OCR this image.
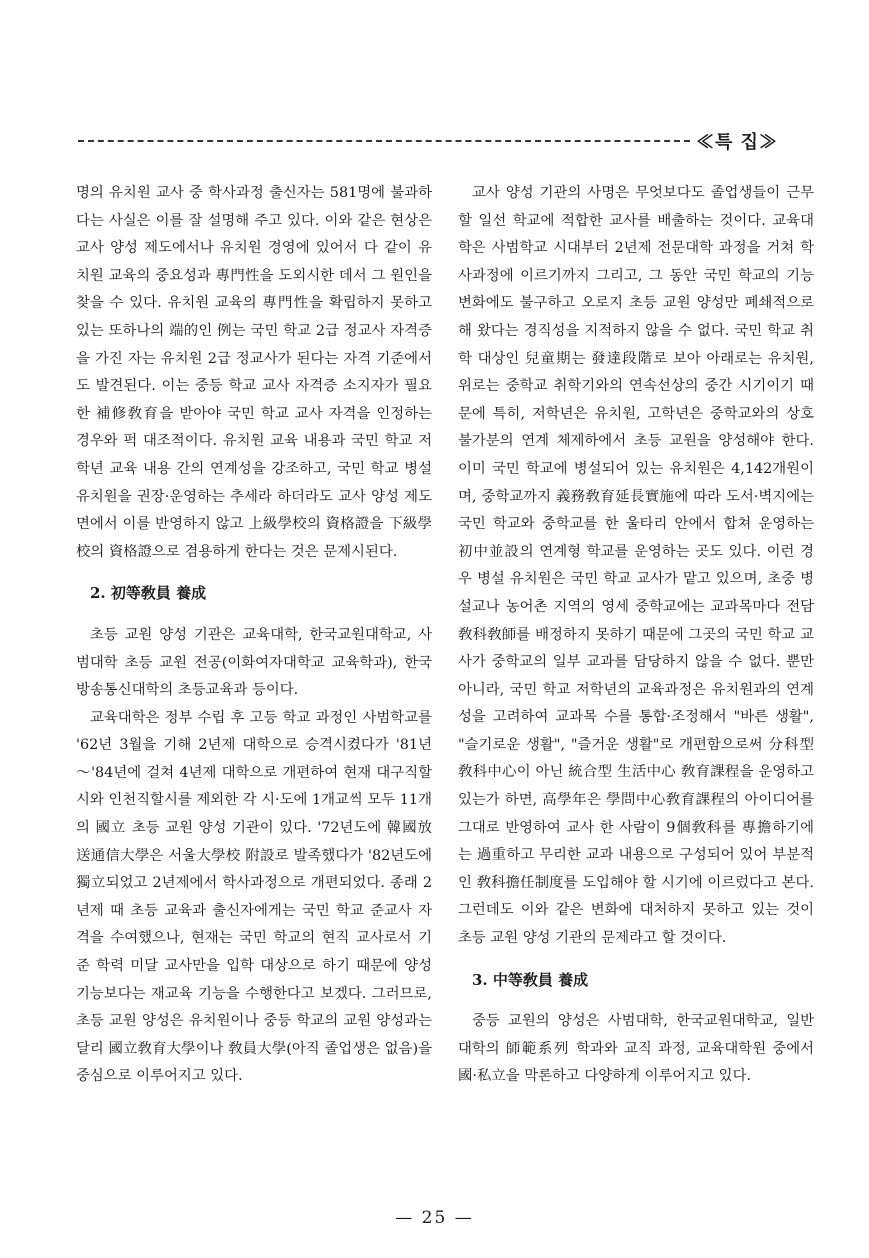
≪특 집≫

명의 유치원 교사 중 학사과정 출신자는 581명에 불과하다는 사실은 이를 잘 설명해 주고 있다. 이와 같은 현상은 교사 양성 제도에서나 유치원 경영에 있어서 다 같이 유치원 교육의 중요성과 專門性을 도외시한 데서 그 원인을 찾을 수 있다. 유치원 교육의 專門性을 확립하지 못하고 있는 또하나의 端的인 例는 국민 학교 2급 정교사 자격증을 가진 자는 유치원 2급 정교사가 된다는 자격 기준에서도 발견된다. 이는 중등 학교 교사 자격증 소지자가 필요한 補修敎育을 받아야 국민 학교 교사 자격을 인정하는 경우와 퍽 대조적이다. 유치원 교육 내용과 국민 학교 저학년 교육 내용 간의 연계성을 강조하고, 국민 학교 병설 유치원을 권장·운영하는 추세라 하더라도 교사 양성 제도면에서 이를 반영하지 않고 上級學校의 資格證을 下級學校의 資格證으로 겸용하게 한다는 것은 문제시된다.

2. 初等敎員 養成

초등 교원 양성 기관은 교육대학, 한국교원대학교, 사범대학 초등 교원 전공(이화여자대학교 교육학과), 한국방송통신대학의 초등교육과 등이다.

교육대학은 정부 수립 후 고등 학교 과정인 사범학교를 '62년 3월을 기해 2년제 대학으로 승격시켰다가 '81년～'84년에 걸쳐 4년제 대학으로 개편하여 현재 대구직할시와 인천직할시를 제외한 각 시·도에 1개교씩 모두 11개의 國立 초등 교원 양성 기관이 있다. '72년도에 韓國放送通信大學은 서울大學校 附設로 발족했다가 '82년도에 獨立되었고 2년제에서 학사과정으로 개편되었다. 종래 2년제 때 초등 교육과 출신자에게는 국민 학교 준교사 자격을 수여했으나, 현재는 국민 학교의 현직 교사로서 기준 학력 미달 교사만을 입학 대상으로 하기 때문에 양성 기능보다는 재교육 기능을 수행한다고 보겠다. 그러므로, 초등 교원 양성은 유치원이나 중등 학교의 교원 양성과는 달리 國立敎育大學이나 敎員大學(아직 졸업생은 없음)을 중심으로 이루어지고 있다.

교사 양성 기관의 사명은 무엇보다도 졸업생들이 근무할 일선 학교에 적합한 교사를 배출하는 것이다. 교육대학은 사범학교 시대부터 2년제 전문대학 과정을 거쳐 학사과정에 이르기까지 그리고, 그 동안 국민 학교의 기능 변화에도 불구하고 오로지 초등 교원 양성만 폐쇄적으로 해 왔다는 경직성을 지적하지 않을 수 없다. 국민 학교 취학 대상인 兒童期는 發達段階로 보아 아래로는 유치원, 위로는 중학교 취학기와의 연속선상의 중간 시기이기 때문에 특히, 저학년은 유치원, 고학년은 중학교와의 상호 불가분의 연계 체제하에서 초등 교원을 양성해야 한다. 이미 국민 학교에 병설되어 있는 유치원은 4,142개원이며, 중학교까지 義務敎育延長實施에 따라 도서·벽지에는 국민 학교와 중학교를 한 울타리 안에서 합쳐 운영하는 初中並設의 연계형 학교를 운영하는 곳도 있다. 이런 경우 병설 유치원은 국민 학교 교사가 맡고 있으며, 초중 병설교나 농어촌 지역의 영세 중학교에는 교과목마다 전담 敎科敎師를 배정하지 못하기 때문에 그곳의 국민 학교 교사가 중학교의 일부 교과를 담당하지 않을 수 없다. 뿐만 아니라, 국민 학교 저학년의 교육과정은 유치원과의 연계성을 고려하여 교과목 수를 통합·조정해서 "바른 생활", "슬기로운 생활", "즐거운 생활"로 개편함으로써 分科型 敎科中心이 아닌 統合型 生活中心 敎育課程을 운영하고 있는가 하면, 高學年은 學問中心敎育課程의 아이디어를 그대로 반영하여 교사 한 사람이 9個敎科를 專擔하기에는 過重하고 무리한 교과 내용으로 구성되어 있어 부분적인 敎科擔任制度를 도입해야 할 시기에 이르렀다고 본다. 그런데도 이와 같은 변화에 대처하지 못하고 있는 것이 초등 교원 양성 기관의 문제라고 할 것이다.

3. 中等敎員 養成

중등 교원의 양성은 사범대학, 한국교원대학교, 일반 대학의 師範系列 학과와 교직 과정, 교육대학원 중에서 國·私立을 막론하고 다양하게 이루어지고 있다.

— 25 —
